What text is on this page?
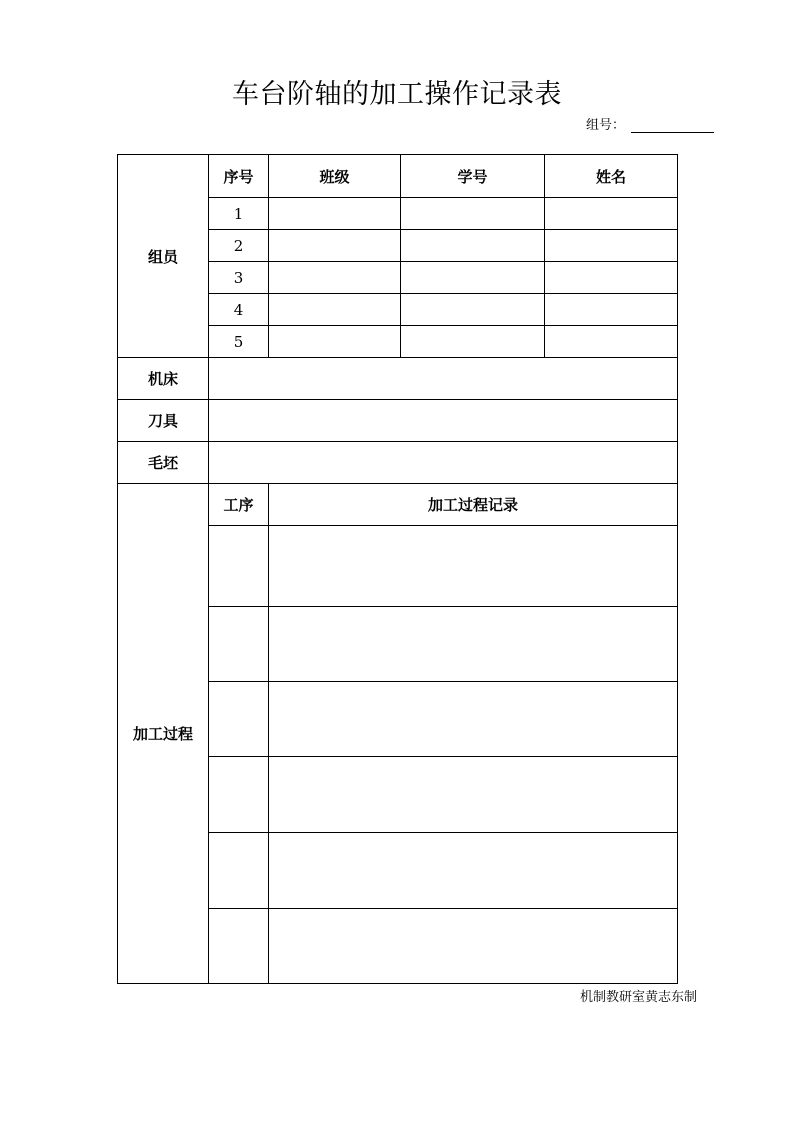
车台阶轴的加工操作记录表
组号：
组员	序号	班级	学号	姓名
	1			
	2			
	3			
	4			
	5			
机床				
刀具				
毛坯				
加工过程	工序	加工过程记录		

机制教研室黄志东制
